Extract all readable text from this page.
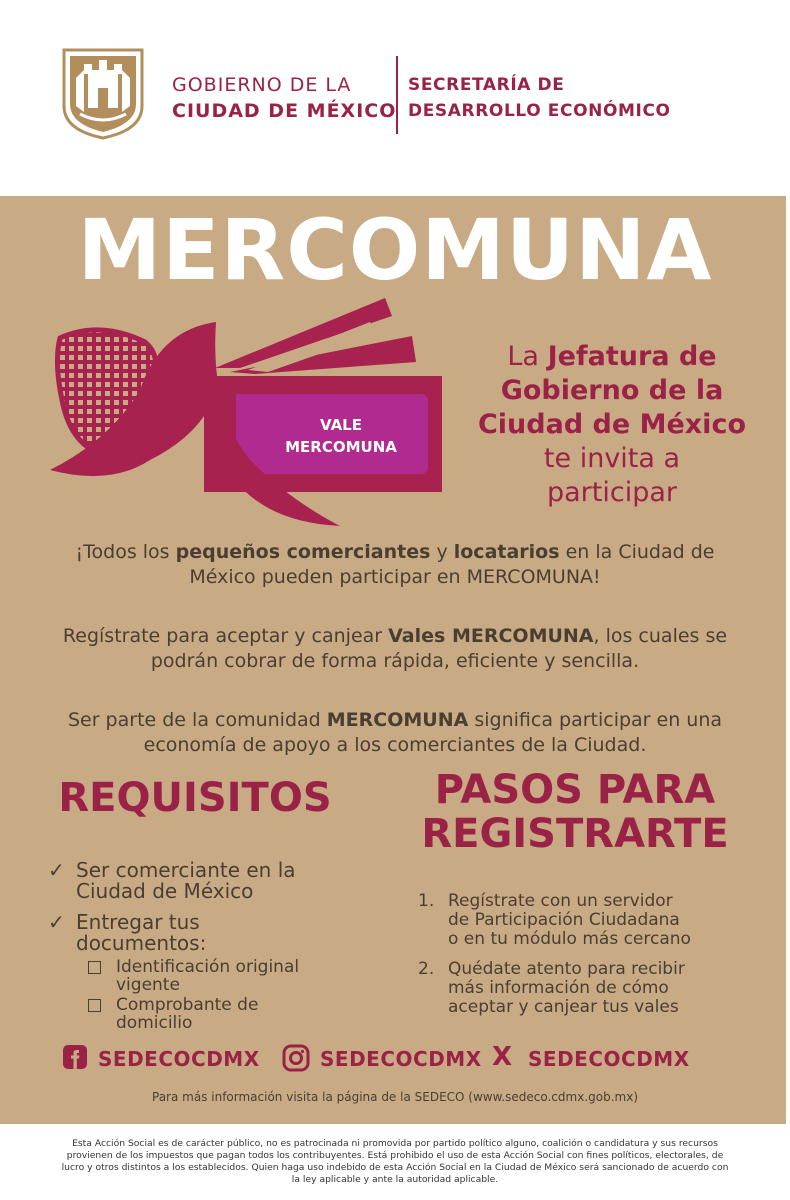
GOBIERNO DE LA
CIUDAD DE MÉXICO
SECRETARÍA DE
DESARROLLO ECONÓMICO
MERCOMUNA
VALE
MERCOMUNA
La Jefatura de
Gobierno de la
Ciudad de México
te invita a
participar
¡Todos los pequeños comerciantes y locatarios en la Ciudad de
México pueden participar en MERCOMUNA!
Regístrate para aceptar y canjear Vales MERCOMUNA, los cuales se
podrán cobrar de forma rápida, eficiente y sencilla.
Ser parte de la comunidad MERCOMUNA significa participar en una
economía de apoyo a los comerciantes de la Ciudad.
REQUISITOS
✓ Ser comerciante en la
Ciudad de México
✓ Entregar tus
documentos:
Identificación original
vigente
Comprobante de
domicilio
PASOS PARA
REGISTRARTE
1. Regístrate con un servidor
de Participación Ciudadana
o en tu módulo más cercano
2. Quédate atento para recibir
más información de cómo
aceptar y canjear tus vales
SEDECOCDMX	SEDECOCDMX X SEDECOCDMX
Para más información visita la página de la SEDECO (www.sedeco.cdmx.gob.mx)
Esta Acción Social es de carácter público, no es patrocinada ni promovida por partido político alguno, coalición o candidatura y sus recursos
provienen de los impuestos que pagan todos los contribuyentes. Está prohibido el uso de esta Acción Social con fines políticos, electorales, de
lucro y otros distintos a los establecidos. Quien haga uso indebido de esta Acción Social en la Ciudad de México será sancionado de acuerdo con
la ley aplicable y ante la autoridad aplicable.
